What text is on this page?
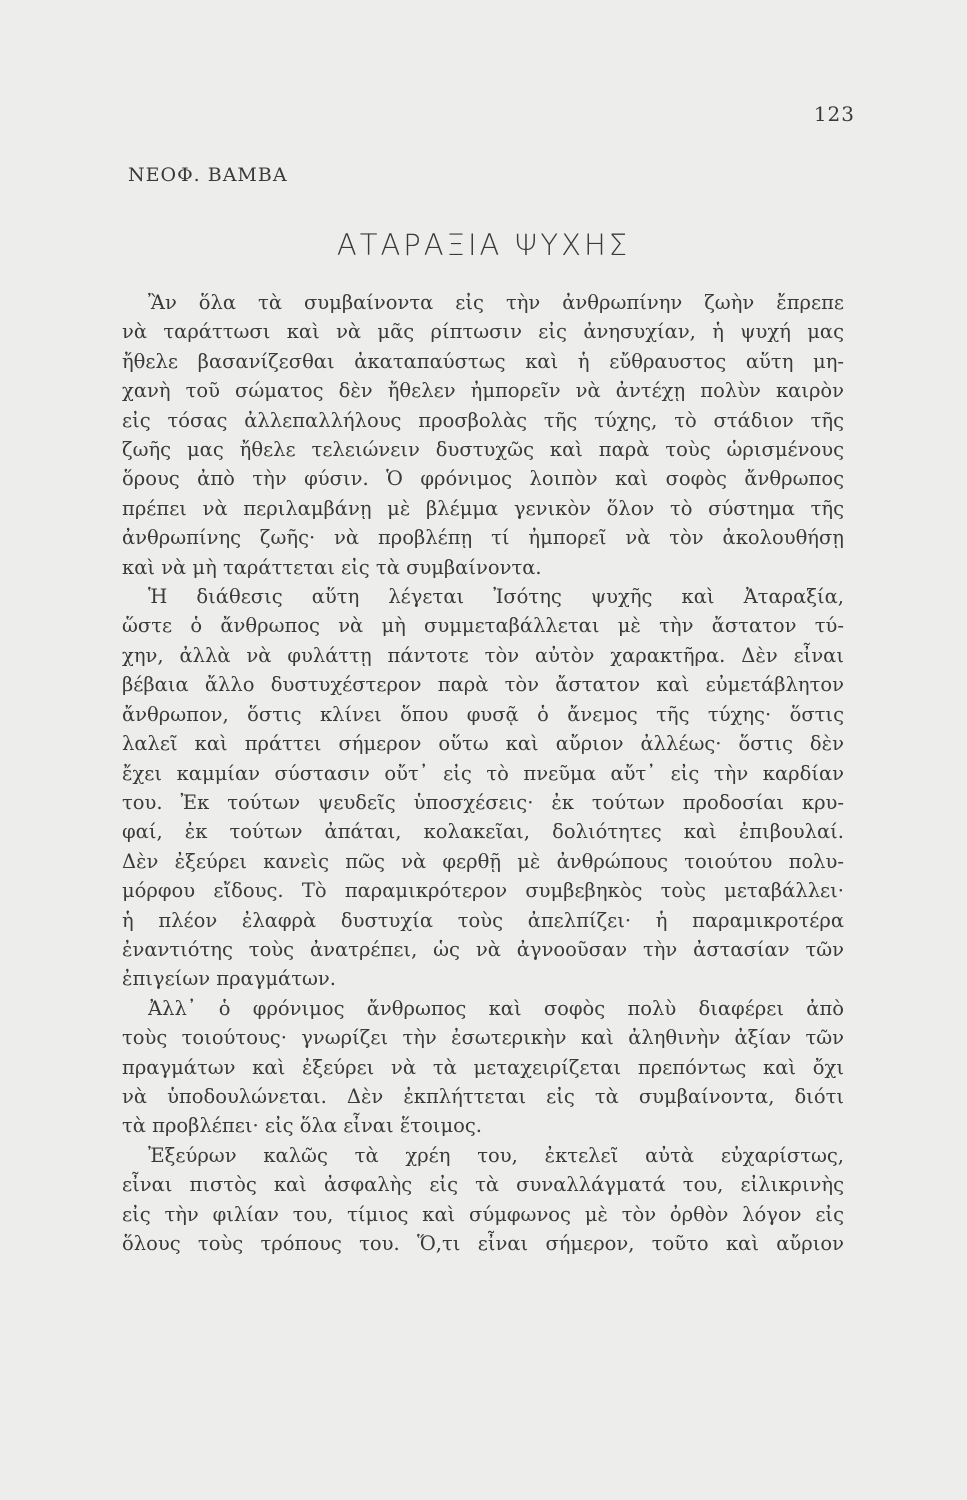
123
ΝΕΟΦ. ΒΑΜΒΑ
ΑΤΑΡΑΞΙΑ ΨΥΧΗΣ
Ἂν ὅλα τὰ συμβαίνοντα εἰς τὴν ἀνθρωπίνην ζωὴν ἔπρεπε
νὰ ταράττωσι καὶ νὰ μᾶς ρίπτωσιν εἰς ἀνησυχίαν, ἡ ψυχή μας
ἤθελε βασανίζεσθαι ἀκαταπαύστως καὶ ἡ εὔθραυστος αὕτη μη-
χανὴ τοῦ σώματος δὲν ἤθελεν ἠμπορεῖν νὰ ἀντέχῃ πολὺν καιρὸν
εἰς τόσας ἀλλεπαλλήλους προσβολὰς τῆς τύχης, τὸ στάδιον τῆς
ζωῆς μας ἤθελε τελειώνειν δυστυχῶς καὶ παρὰ τοὺς ὡρισμένους
ὅρους ἀπὸ τὴν φύσιν. Ὁ φρόνιμος λοιπὸν καὶ σοφὸς ἄνθρωπος
πρέπει νὰ περιλαμβάνῃ μὲ βλέμμα γενικὸν ὅλον τὸ σύστημα τῆς
ἀνθρωπίνης ζωῆς· νὰ προβλέπῃ τί ἠμπορεῖ νὰ τὸν ἀκολουθήσῃ
καὶ νὰ μὴ ταράττεται εἰς τὰ συμβαίνοντα.
Ἡ διάθεσις αὕτη λέγεται Ἰσότης ψυχῆς καὶ Ἀταραξία,
ὥστε ὁ ἄνθρωπος νὰ μὴ συμμεταβάλλεται μὲ τὴν ἄστατον τύ-
χην, ἀλλὰ νὰ φυλάττῃ πάντοτε τὸν αὐτὸν χαρακτῆρα. Δὲν εἶναι
βέβαια ἄλλο δυστυχέστερον παρὰ τὸν ἄστατον καὶ εὐμετάβλητον
ἄνθρωπον, ὅστις κλίνει ὅπου φυσᾷ ὁ ἄνεμος τῆς τύχης· ὅστις
λαλεῖ καὶ πράττει σήμερον οὕτω καὶ αὔριον ἀλλέως· ὅστις δὲν
ἔχει καμμίαν σύστασιν οὔτ᾽ εἰς τὸ πνεῦμα αὔτ᾽ εἰς τὴν καρδίαν
του. Ἐκ τούτων ψευδεῖς ὑποσχέσεις· ἐκ τούτων προδοσίαι κρυ-
φαί, ἐκ τούτων ἀπάται, κολακεῖαι, δολιότητες καὶ ἐπιβουλαί.
Δὲν ἐξεύρει κανεὶς πῶς νὰ φερθῇ μὲ ἀνθρώπους τοιούτου πολυ-
μόρφου εἴδους. Τὸ παραμικρότερον συμβεβηκὸς τοὺς μεταβάλλει·
ἡ πλέον ἐλαφρὰ δυστυχία τοὺς ἀπελπίζει· ἡ παραμικροτέρα
ἐναντιότης τοὺς ἀνατρέπει, ὡς νὰ ἀγνοοῦσαν τὴν ἀστασίαν τῶν
ἐπιγείων πραγμάτων.
Ἀλλ᾽ ὁ φρόνιμος ἄνθρωπος καὶ σοφὸς πολὺ διαφέρει ἀπὸ
τοὺς τοιούτους· γνωρίζει τὴν ἐσωτερικὴν καὶ ἀληθινὴν ἀξίαν τῶν
πραγμάτων καὶ ἐξεύρει νὰ τὰ μεταχειρίζεται πρεπόντως καὶ ὄχι
νὰ ὑποδουλώνεται. Δὲν ἐκπλήττεται εἰς τὰ συμβαίνοντα, διότι
τὰ προβλέπει· εἰς ὅλα εἶναι ἕτοιμος.
Ἐξεύρων καλῶς τὰ χρέη του, ἐκτελεῖ αὐτὰ εὐχαρίστως,
εἶναι πιστὸς καὶ ἀσφαλὴς εἰς τὰ συναλλάγματά του, εἰλικρινὴς
εἰς τὴν φιλίαν του, τίμιος καὶ σύμφωνος μὲ τὸν ὀρθὸν λόγον εἰς
ὅλους τοὺς τρόπους του. Ὅ,τι εἶναι σήμερον, τοῦτο καὶ αὔριον
